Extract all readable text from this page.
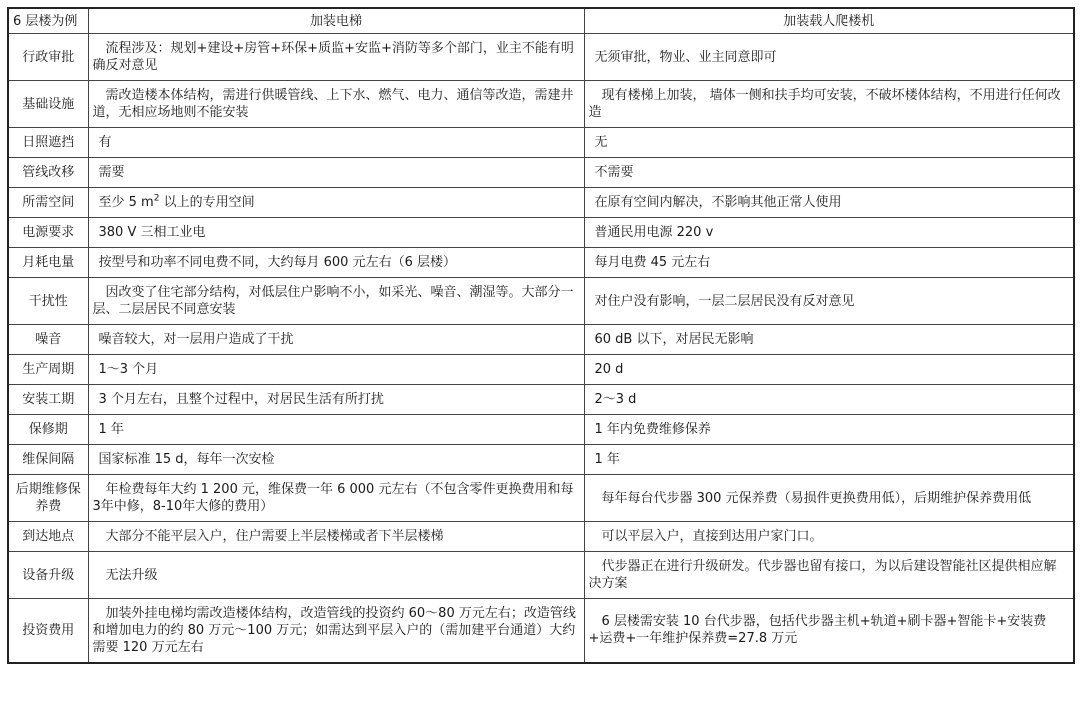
6 层楼为例	加装电梯	加装载人爬楼机
行政审批	流程涉及：规划+建设+房管+环保+质监+安监+消防等多个部门，业主不能有明确反对意见	无须审批，物业、业主同意即可
基础设施	需改造楼本体结构，需进行供暖管线、上下水、燃气、电力、通信等改造，需建井道，无相应场地则不能安装	现有楼梯上加装， 墙体一侧和扶手均可安装，不破坏楼体结构，不用进行任何改造
日照遮挡	有	无
管线改移	需要	不需要
所需空间	至少 5 $m^2$ 以上的专用空间	在原有空间内解决，不影响其他正常人使用
电源要求	380 V 三相工业电	普通民用电源 220 v
月耗电量	按型号和功率不同电费不同，大约每月 600 元左右（6 层楼）	每月电费 45 元左右
干扰性	因改变了住宅部分结构，对低层住户影响不小，如采光、噪音、潮湿等。大部分一层、二层居民不同意安装	对住户没有影响，一层二层居民没有反对意见
噪音	噪音较大，对一层用户造成了干扰	60 dB 以下，对居民无影响
生产周期	1～3 个月	20 d
安装工期	3 个月左右，且整个过程中，对居民生活有所打扰	2～3 d
保修期	1 年	1 年内免费维修保养
维保间隔	国家标准 15 d，每年一次安检	1 年
后期维修保养费	年检费每年大约 1 200 元，维保费一年 6 000 元左右（不包含零件更换费用和每3年中修，8-10年大修的费用）	每年每台代步器 300 元保养费（易损件更换费用低），后期维护保养费用低
到达地点	大部分不能平层入户，住户需要上半层楼梯或者下半层楼梯	可以平层入户，直接到达用户家门口。
设备升级	无法升级	代步器正在进行升级研发。代步器也留有接口，为以后建设智能社区提供相应解决方案
投资费用	加装外挂电梯均需改造楼体结构，改造管线的投资约 60～80 万元左右；改造管线和增加电力的约 80 万元～100 万元；如需达到平层入户的（需加建平台通道）大约需要 120 万元左右	6 层楼需安装 10 台代步器，包括代步器主机+轨道+刷卡器+智能卡+安装费+运费+一年维护保养费=27.8 万元
